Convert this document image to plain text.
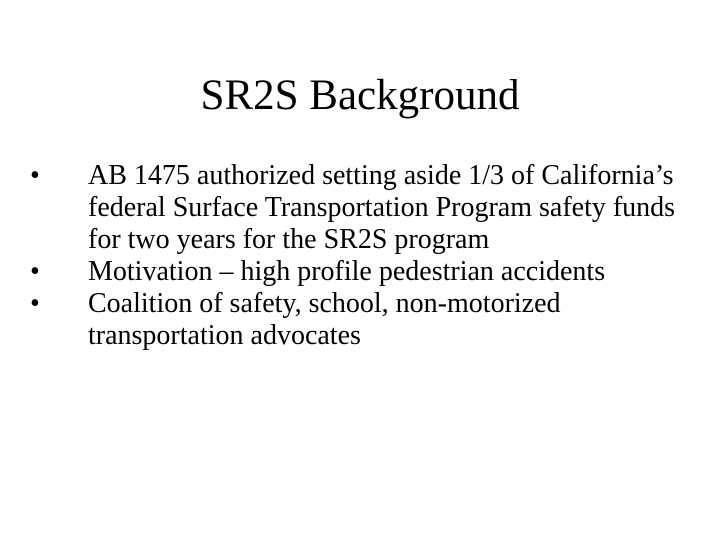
SR2S Background
• AB 1475 authorized setting aside 1/3 of California’s federal Surface Transportation Program safety funds for two years for the SR2S program
• Motivation – high profile pedestrian accidents
• Coalition of safety, school, non-motorized transportation advocates
